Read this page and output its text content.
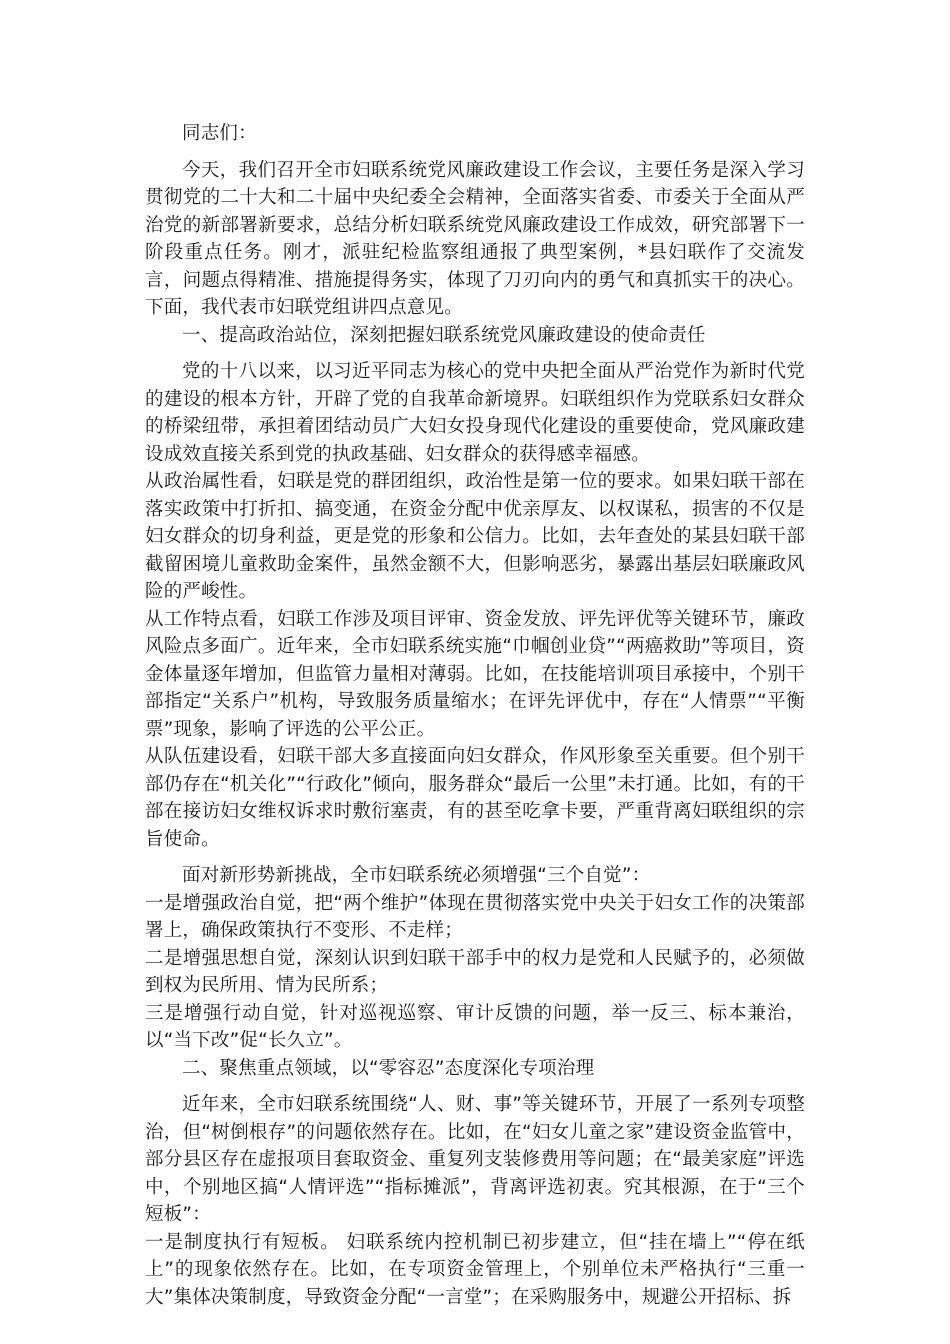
同志们：

今天，我们召开全市妇联系统党风廉政建设工作会议，主要任务是深入学习贯彻党的二十大和二十届中央纪委全会精神，全面落实省委、市委关于全面从严治党的新部署新要求，总结分析妇联系统党风廉政建设工作成效，研究部署下一阶段重点任务。刚才，派驻纪检监察组通报了典型案例，*县妇联作了交流发言，问题点得精准、措施提得务实，体现了刀刃向内的勇气和真抓实干的决心。下面，我代表市妇联党组讲四点意见。

一、提高政治站位，深刻把握妇联系统党风廉政建设的使命责任

党的十八以来，以习近平同志为核心的党中央把全面从严治党作为新时代党的建设的根本方针，开辟了党的自我革命新境界。妇联组织作为党联系妇女群众的桥梁纽带，承担着团结动员广大妇女投身现代化建设的重要使命，党风廉政建设成效直接关系到党的执政基础、妇女群众的获得感幸福感。

从政治属性看，妇联是党的群团组织，政治性是第一位的要求。如果妇联干部在落实政策中打折扣、搞变通，在资金分配中优亲厚友、以权谋私，损害的不仅是妇女群众的切身利益，更是党的形象和公信力。比如，去年查处的某县妇联干部截留困境儿童救助金案件，虽然金额不大，但影响恶劣，暴露出基层妇联廉政风险的严峻性。

从工作特点看，妇联工作涉及项目评审、资金发放、评先评优等关键环节，廉政风险点多面广。近年来，全市妇联系统实施“巾帼创业贷”“两癌救助”等项目，资金体量逐年增加，但监管力量相对薄弱。比如，在技能培训项目承接中，个别干部指定“关系户”机构，导致服务质量缩水；在评先评优中，存在“人情票”“平衡票”现象，影响了评选的公平公正。

从队伍建设看，妇联干部大多直接面向妇女群众，作风形象至关重要。但个别干部仍存在“机关化”“行政化”倾向，服务群众“最后一公里”未打通。比如，有的干部在接访妇女维权诉求时敷衍塞责，有的甚至吃拿卡要，严重背离妇联组织的宗旨使命。

面对新形势新挑战，全市妇联系统必须增强“三个自觉”：

一是增强政治自觉，把“两个维护”体现在贯彻落实党中央关于妇女工作的决策部署上，确保政策执行不变形、不走样；

二是增强思想自觉，深刻认识到妇联干部手中的权力是党和人民赋予的，必须做到权为民所用、情为民所系；

三是增强行动自觉，针对巡视巡察、审计反馈的问题，举一反三、标本兼治，以“当下改”促“长久立”。

二、聚焦重点领域，以“零容忍”态度深化专项治理

近年来，全市妇联系统围绕“人、财、事”等关键环节，开展了一系列专项整治，但“树倒根存”的问题依然存在。比如，在“妇女儿童之家”建设资金监管中，部分县区存在虚报项目套取资金、重复列支装修费用等问题；在“最美家庭”评选中，个别地区搞“人情评选”“指标摊派”，背离评选初衷。究其根源，在于“三个短板”：

一是制度执行有短板。 妇联系统内控机制已初步建立，但“挂在墙上”“停在纸上”的现象依然存在。比如，在专项资金管理上，个别单位未严格执行“三重一大”集体决策制度，导致资金分配“一言堂”；在采购服务中，规避公开招标、拆
